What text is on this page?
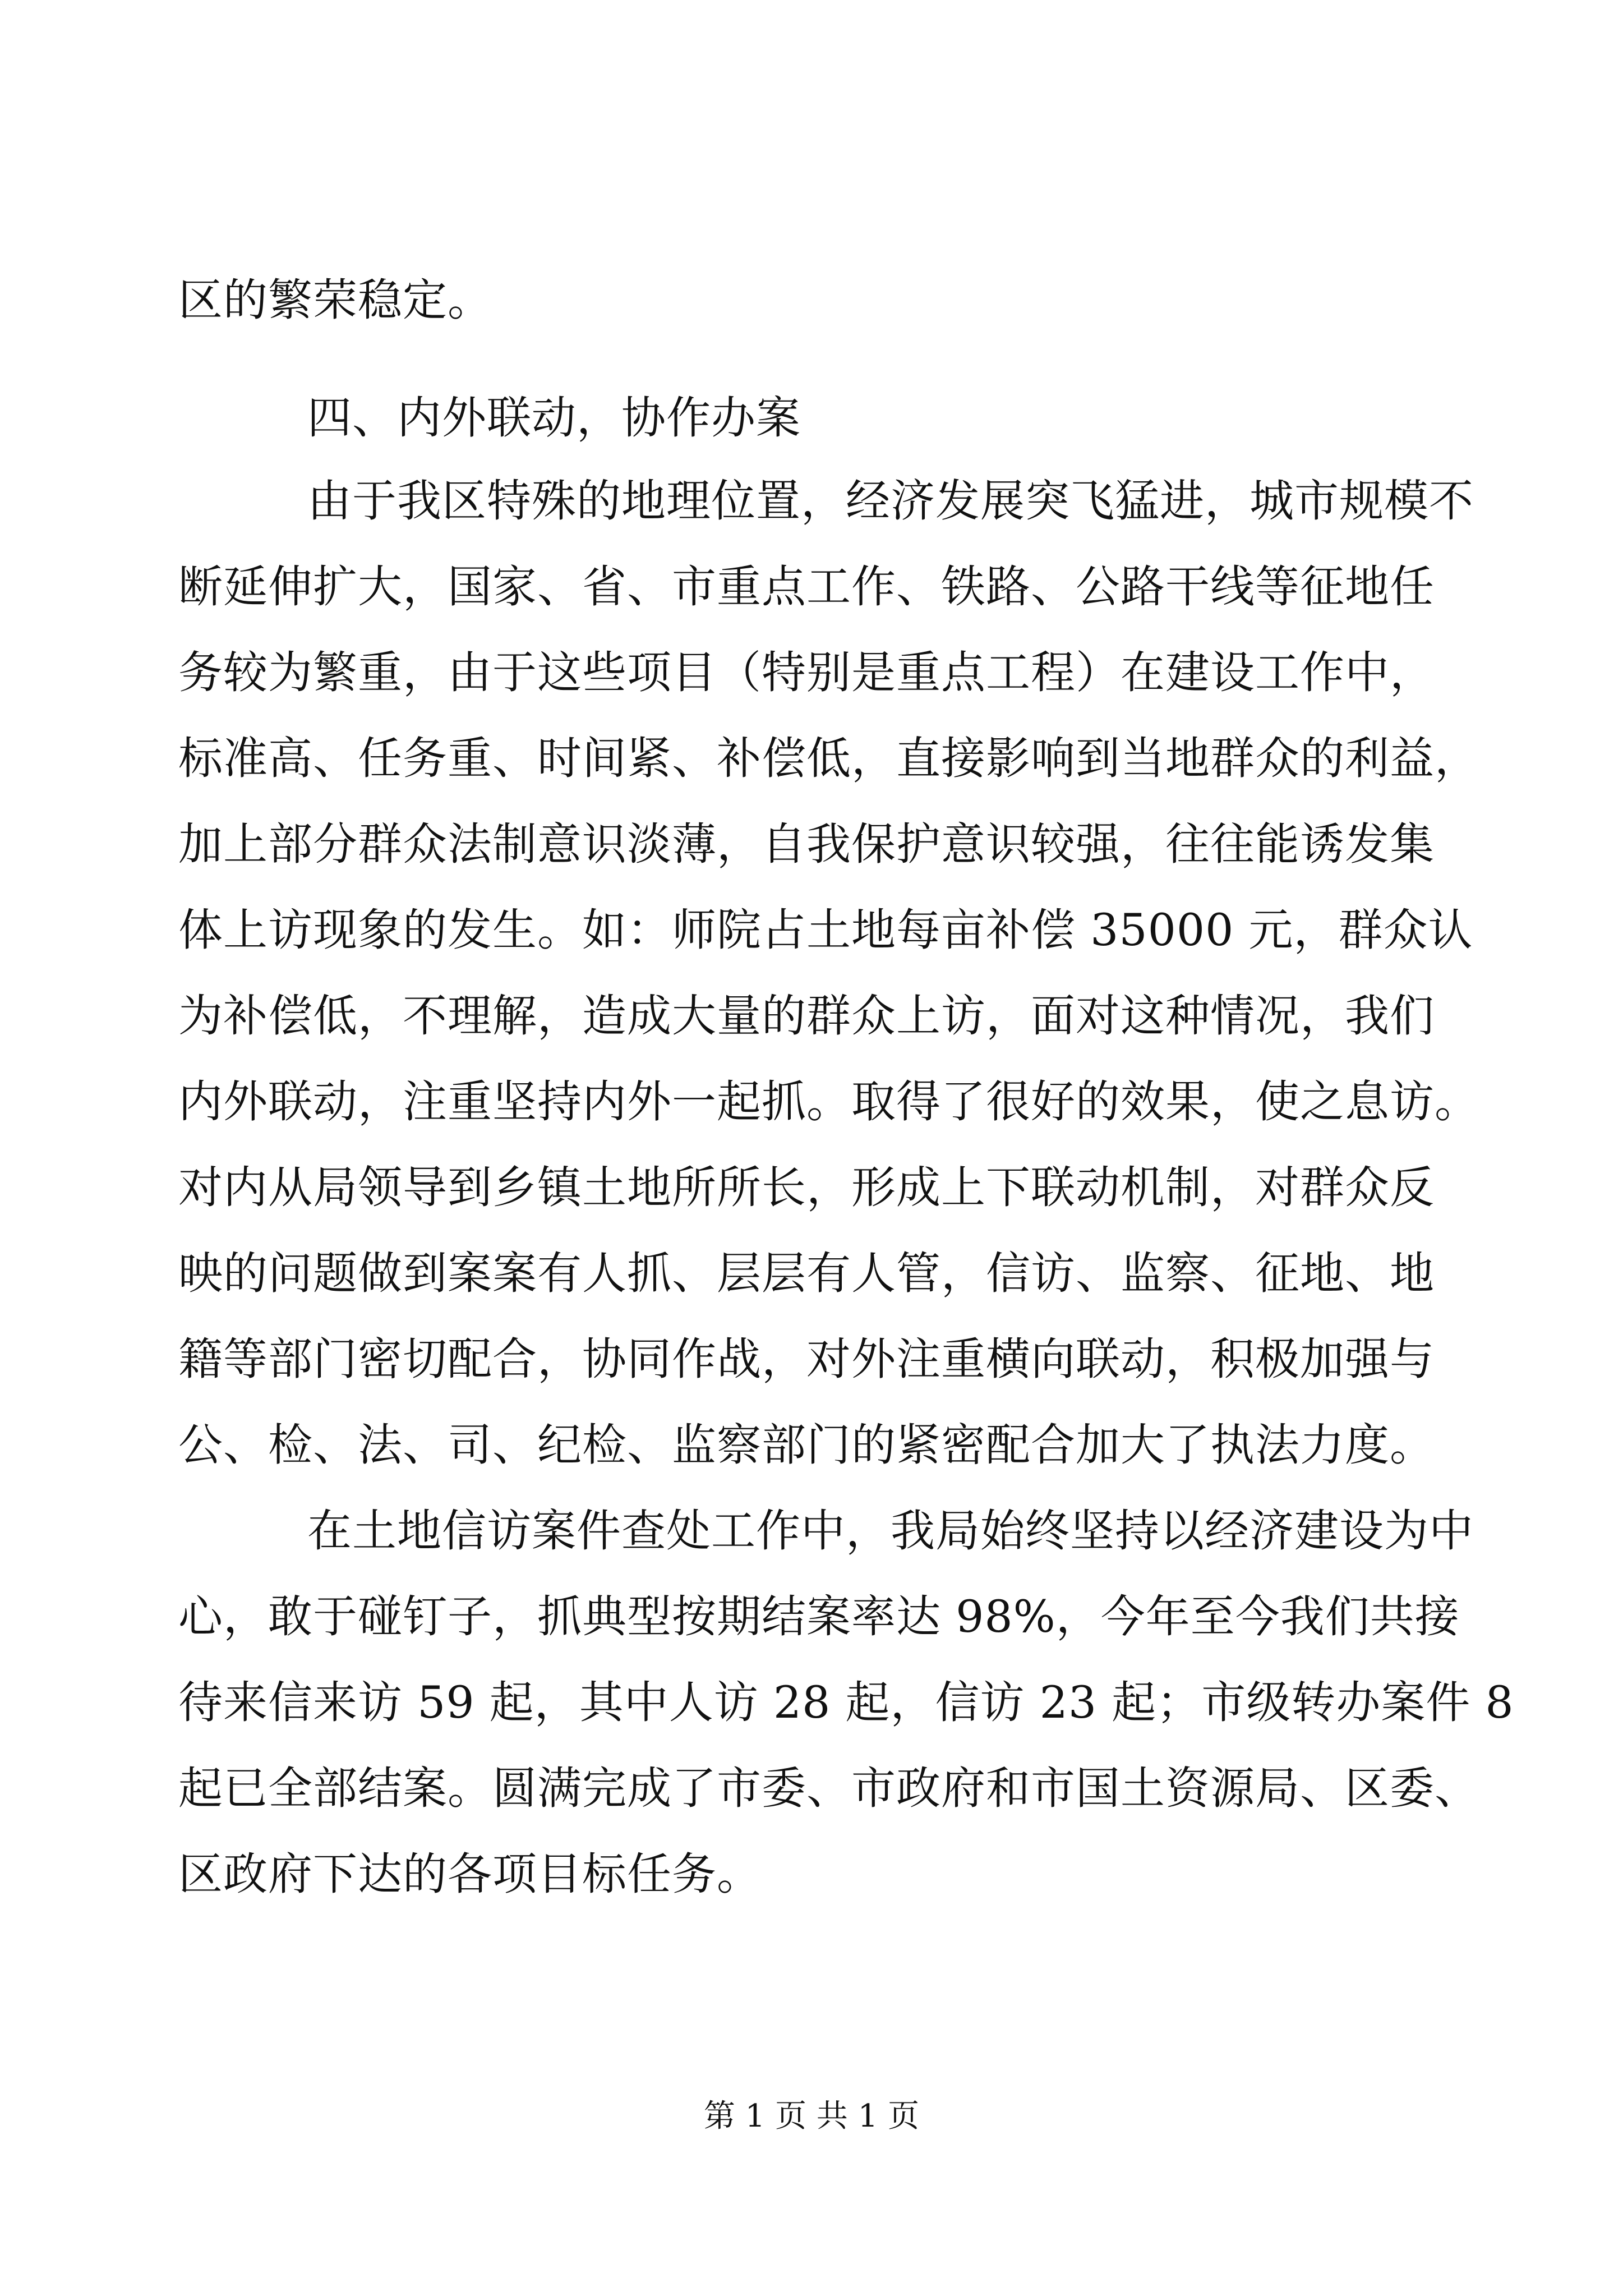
区的繁荣稳定。
四、内外联动，协作办案
由于我区特殊的地理位置，经济发展突飞猛进，城市规模不
断延伸扩大，国家、省、市重点工作、铁路、公路干线等征地任
务较为繁重，由于这些项目（特别是重点工程）在建设工作中，
标准高、任务重、时间紧、补偿低，直接影响到当地群众的利益，
加上部分群众法制意识淡薄，自我保护意识较强，往往能诱发集
体上访现象的发生。如：师院占土地每亩补偿 35000 元，群众认
为补偿低，不理解，造成大量的群众上访，面对这种情况，我们
内外联动，注重坚持内外一起抓。取得了很好的效果，使之息访。
对内从局领导到乡镇土地所所长，形成上下联动机制，对群众反
映的问题做到案案有人抓、层层有人管，信访、监察、征地、地
籍等部门密切配合，协同作战，对外注重横向联动，积极加强与
公、检、法、司、纪检、监察部门的紧密配合加大了执法力度。
在土地信访案件查处工作中，我局始终坚持以经济建设为中
心，敢于碰钉子，抓典型按期结案率达 98%，今年至今我们共接
待来信来访 59 起，其中人访 28 起，信访 23 起；市级转办案件 8
起已全部结案。圆满完成了市委、市政府和市国土资源局、区委、
区政府下达的各项目标任务。
第 1 页 共 1 页
